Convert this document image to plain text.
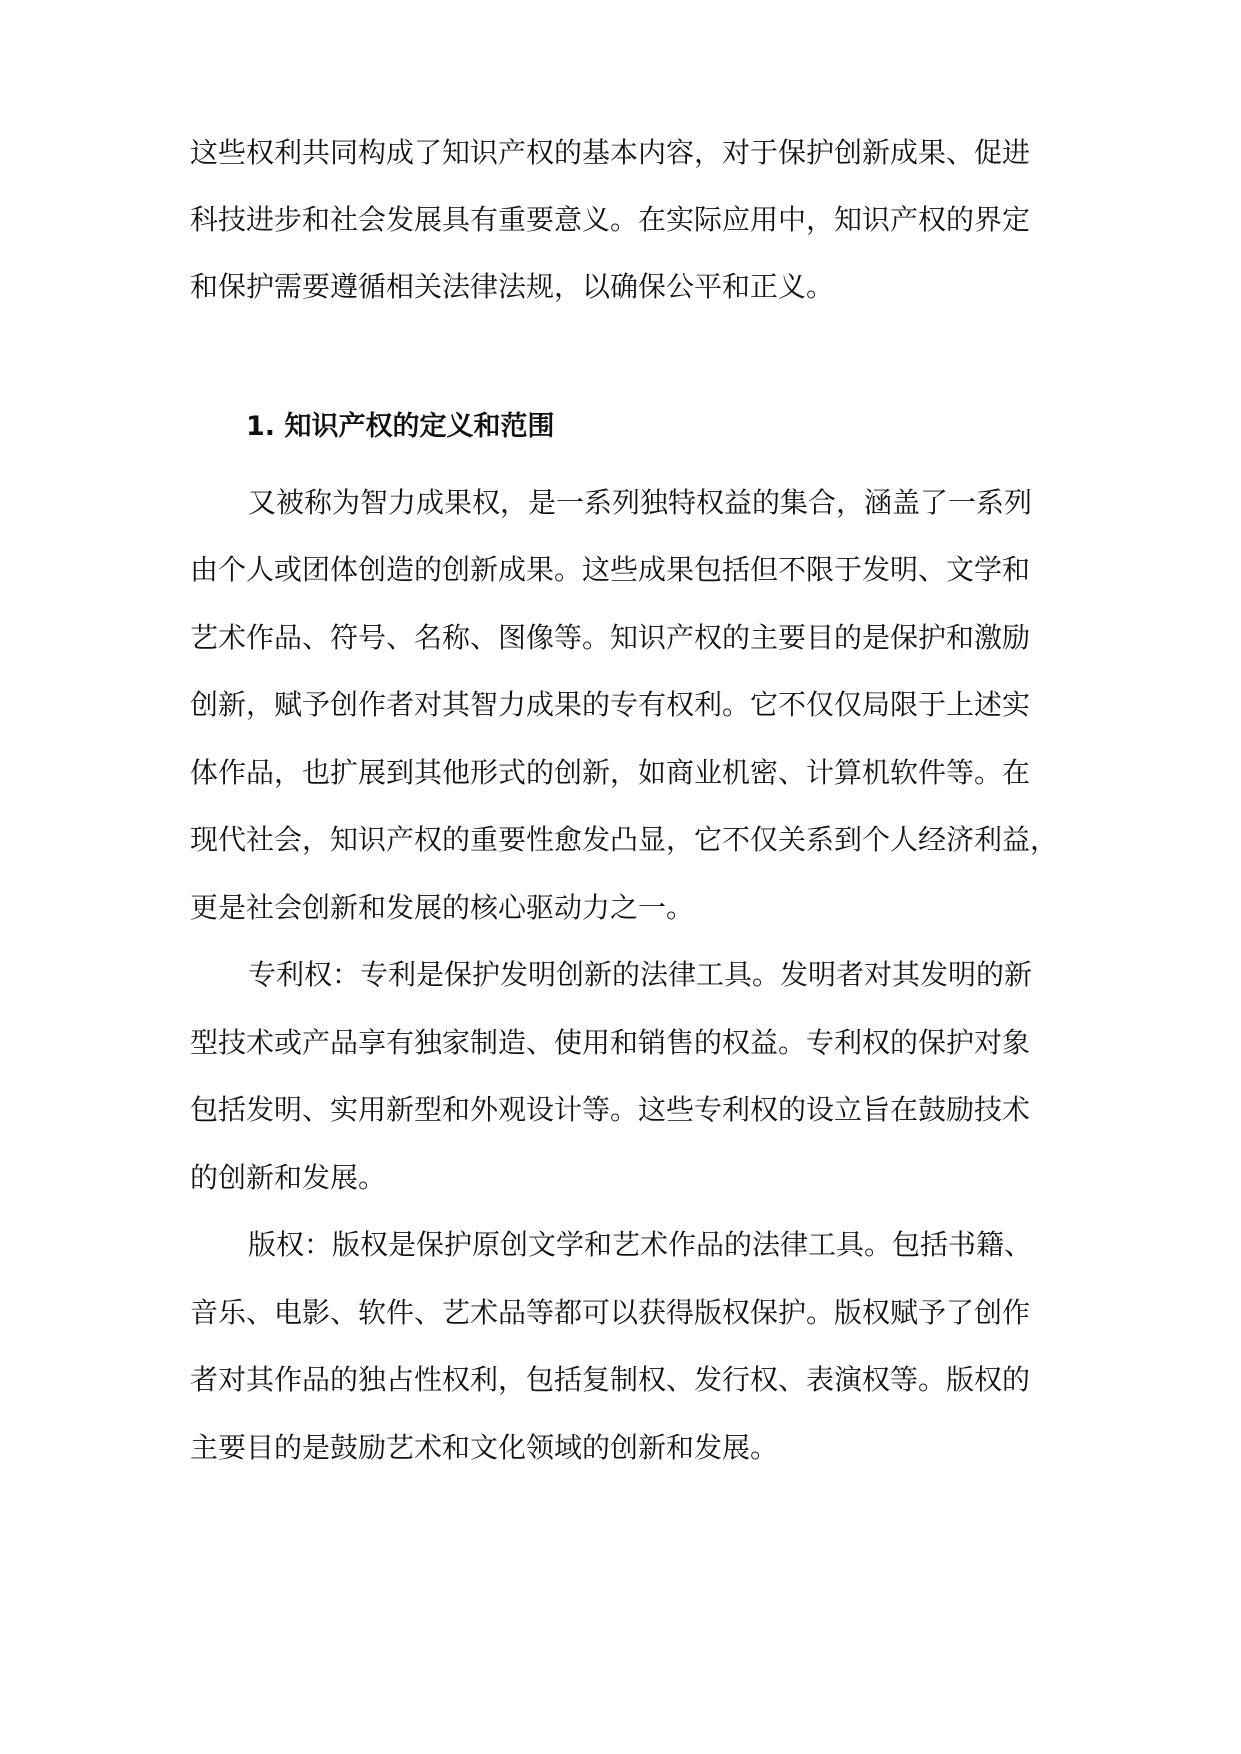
这些权利共同构成了知识产权的基本内容，对于保护创新成果、促进
科技进步和社会发展具有重要意义。在实际应用中，知识产权的界定
和保护需要遵循相关法律法规，以确保公平和正义。
1. 知识产权的定义和范围
又被称为智力成果权，是一系列独特权益的集合，涵盖了一系列
由个人或团体创造的创新成果。这些成果包括但不限于发明、文学和
艺术作品、符号、名称、图像等。知识产权的主要目的是保护和激励
创新，赋予创作者对其智力成果的专有权利。它不仅仅局限于上述实
体作品，也扩展到其他形式的创新，如商业机密、计算机软件等。在
现代社会，知识产权的重要性愈发凸显，它不仅关系到个人经济利益，
更是社会创新和发展的核心驱动力之一。
专利权：专利是保护发明创新的法律工具。发明者对其发明的新
型技术或产品享有独家制造、使用和销售的权益。专利权的保护对象
包括发明、实用新型和外观设计等。这些专利权的设立旨在鼓励技术
的创新和发展。
版权：版权是保护原创文学和艺术作品的法律工具。包括书籍、
音乐、电影、软件、艺术品等都可以获得版权保护。版权赋予了创作
者对其作品的独占性权利，包括复制权、发行权、表演权等。版权的
主要目的是鼓励艺术和文化领域的创新和发展。
